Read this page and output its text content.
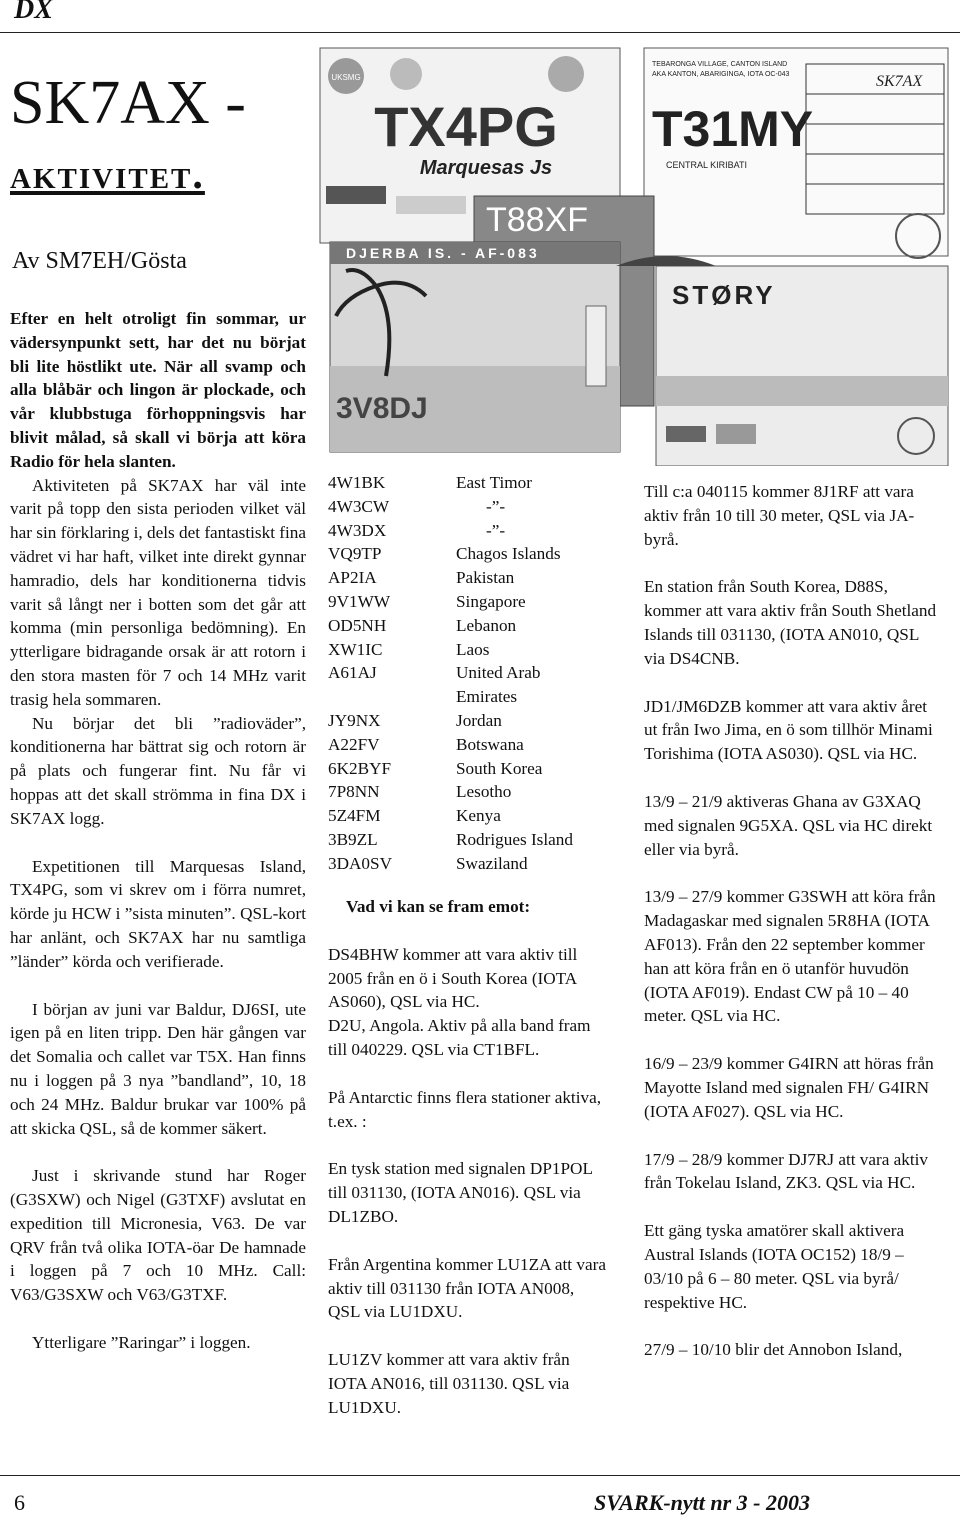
DX
SK7AX -
aktivitet.
Av SM7EH/Gösta
UKSMG
TX4PG
Marquesas Js
TEBARONGA VILLAGE, CANTON ISLAND
AKA KANTON, ABARIGINGA, IOTA OC-043
T31MY
CENTRAL KIRIBATI
SK7AX
T88XF
DJERBA IS. - AF-083
3V8DJ
STØRY

Efter en helt otroligt fin sommar, ur vädersynpunkt sett, har det nu börjat bli lite höstlikt ute. När all svamp och alla blåbär och lingon är plockade, och vår klubbstuga förhoppningsvis har blivit målad, så skall vi börja att köra Radio för hela slanten.

Aktiviteten på SK7AX har väl inte varit på topp den sista perioden vilket väl har sin förklaring i, dels det fantastiskt fina vädret vi har haft, vilket inte direkt gynnar hamradio, dels har konditionerna tidvis varit så långt ner i botten som det går att komma (min personliga bedömning). En ytterligare bidragande orsak är att rotorn i den stora masten för 7 och 14 MHz varit trasig hela sommaren.

Nu börjar det bli ”radioväder”, konditionerna har bättrat sig och rotorn är på plats och fungerar fint. Nu får vi hoppas att det skall strömma in fina DX i SK7AX logg.

Expetitionen till Marquesas Island, TX4PG, som vi skrev om i förra numret, körde ju HCW i ”sista minuten”. QSL-kort har anlänt, och SK7AX har nu samtliga ”länder” körda och verifierade.

I början av juni var Baldur, DJ6SI, ute igen på en liten tripp. Den här gången var det Somalia och callet var T5X. Han finns nu i loggen på 3 nya ”bandland”, 10, 18 och 24 MHz. Baldur brukar var 100% på att skicka QSL, så de kommer säkert.

Just i skrivande stund har Roger (G3SXW) och Nigel (G3TXF) avslutat en expedition till Micronesia, V63. De var QRV från två olika IOTA-öar De hamnade i loggen på 7 och 10 MHz. Call: V63/G3SXW och V63/G3TXF.

Ytterligare ”Raringar” i loggen.

4W1BK	East Timor
4W3CW	-”-
4W3DX	-”-
VQ9TP	Chagos Islands
AP2IA	Pakistan
9V1WW	Singapore
OD5NH	Lebanon
XW1IC	Laos
A61AJ	United Arab Emirates
JY9NX	Jordan
A22FV	Botswana
6K2BYF	South Korea
7P8NN	Lesotho
5Z4FM	Kenya
3B9ZL	Rodrigues Island
3DA0SV	Swaziland

Vad vi kan se fram emot:

DS4BHW kommer att vara aktiv till 2005 från en ö i South Korea (IOTA AS060), QSL via HC.

D2U, Angola. Aktiv på alla band fram till 040229. QSL via CT1BFL.

På Antarctic finns flera stationer aktiva, t.ex. :

En tysk station med signalen DP1POL till 031130, (IOTA AN016). QSL via DL1ZBO.

Från Argentina kommer LU1ZA att vara aktiv till 031130 från IOTA AN008, QSL via LU1DXU.

LU1ZV kommer att vara aktiv från IOTA AN016, till 031130. QSL via LU1DXU.

Till c:a 040115 kommer 8J1RF att vara aktiv från 10 till 30 meter, QSL via JA-byrå.

En station från South Korea, D88S, kommer att vara aktiv från South Shetland Islands till 031130, (IOTA AN010, QSL via DS4CNB.

JD1/JM6DZB kommer att vara aktiv året ut från Iwo Jima, en ö som tillhör Minami Torishima (IOTA AS030). QSL via HC.

13/9 – 21/9 aktiveras Ghana av G3XAQ med signalen 9G5XA. QSL via HC direkt eller via byrå.

13/9 – 27/9 kommer G3SWH att köra från Madagaskar med signalen 5R8HA (IOTA AF013). Från den 22 september kommer han att köra från en ö utanför huvudön (IOTA AF019). Endast CW på 10 – 40 meter. QSL via HC.

16/9 – 23/9 kommer G4IRN att höras från Mayotte Island med signalen FH/ G4IRN (IOTA AF027). QSL via HC.

17/9 – 28/9 kommer DJ7RJ att vara aktiv från Tokelau Island, ZK3. QSL via HC.

Ett gäng tyska amatörer skall aktivera Austral Islands (IOTA OC152) 18/9 – 03/10 på 6 – 80 meter. QSL via byrå/ respektive HC.

27/9 – 10/10 blir det Annobon Island,

6	SVARK-nytt nr 3 - 2003
